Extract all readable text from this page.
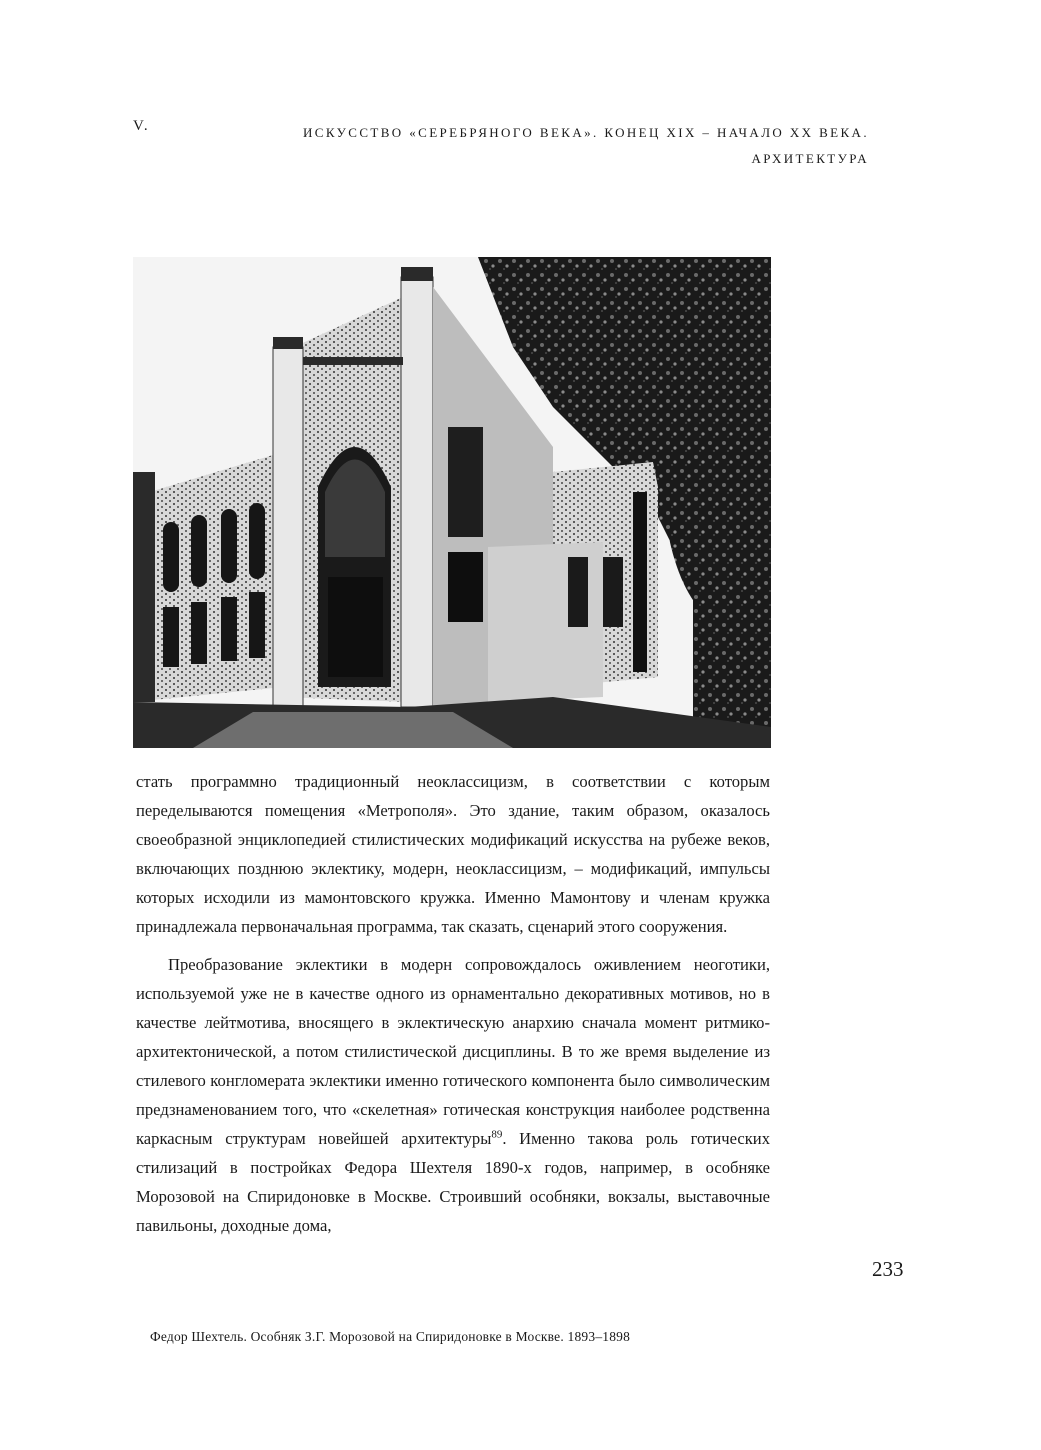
V.	ИСКУССТВО «СЕРЕБРЯНОГО ВЕКА». КОНЕЦ XIX – НАЧАЛО XX ВЕКА.
АРХИТЕКТУРА

стать программно традиционный неоклассицизм, в соответствии с которым переделываются помещения «Метрополя». Это здание, таким образом, оказалось своеобразной энциклопедией стилистических модификаций искусства на рубеже веков, включающих позднюю эклектику, модерн, неоклассицизм, – модификаций, импульсы которых исходили из мамонтовского кружка. Именно Мамонтову и членам кружка принадлежала первоначальная программа, так сказать, сценарий этого сооружения.

Преобразование эклектики в модерн сопровождалось оживлением неоготики, используемой уже не в качестве одного из орнаментально декоративных мотивов, но в качестве лейтмотива, вносящего в эклектическую анархию сначала момент ритмико-архитектонической, а потом стилистической дисциплины. В то же время выделение из стилевого конгломерата эклектики именно готического компонента было символическим предзнаменованием того, что «скелетная» готическая конструкция наиболее родственна каркасным структурам новейшей архитектуры$^{89}$. Именно такова роль готических стилизаций в постройках Федора Шехтеля 1890-х годов, например, в особняке Морозовой на Спиридоновке в Москве. Строивший особняки, вокзалы, выставочные павильоны, доходные дома,

233
Федор Шехтель. Особняк З.Г. Морозовой на Спиридоновке в Москве. 1893–1898
